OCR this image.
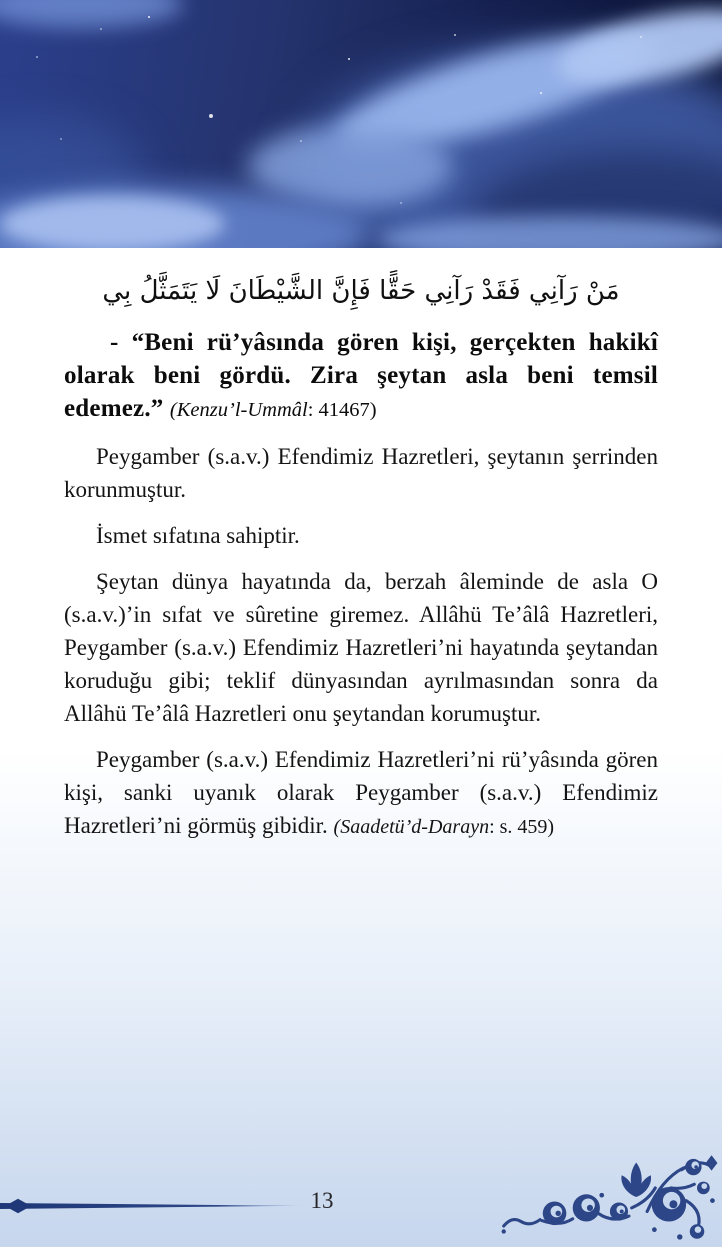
مَنْ رَآنِي فَقَدْ رَآنِي حَقًّا فَإِنَّ الشَّيْطَانَ لَا يَتَمَثَّلُ بِي

- “Beni rü’yâsında gören kişi, gerçekten hakikî olarak beni gördü. Zira şeytan asla beni temsil edemez.” (Kenzu’l-Ummâl: 41467)

Peygamber (s.a.v.) Efendimiz Hazretleri, şeytanın şerrinden korunmuştur.

İsmet sıfatına sahiptir.

Şeytan dünya hayatında da, berzah âleminde de asla O (s.a.v.)’in sıfat ve sûretine giremez. Allâhü Te’âlâ Hazretleri, Peygamber (s.a.v.) Efendimiz Hazretleri’ni hayatında şeytandan koruduğu gibi; teklif dünyasından ayrılmasından sonra da Allâhü Te’âlâ Hazretleri onu şeytandan korumuştur.

Peygamber (s.a.v.) Efendimiz Hazretleri’ni rü’yâsında gören kişi, sanki uyanık olarak Peygamber (s.a.v.) Efendimiz Hazretleri’ni görmüş gibidir. (Saadetü’d-Darayn: s. 459)

13
